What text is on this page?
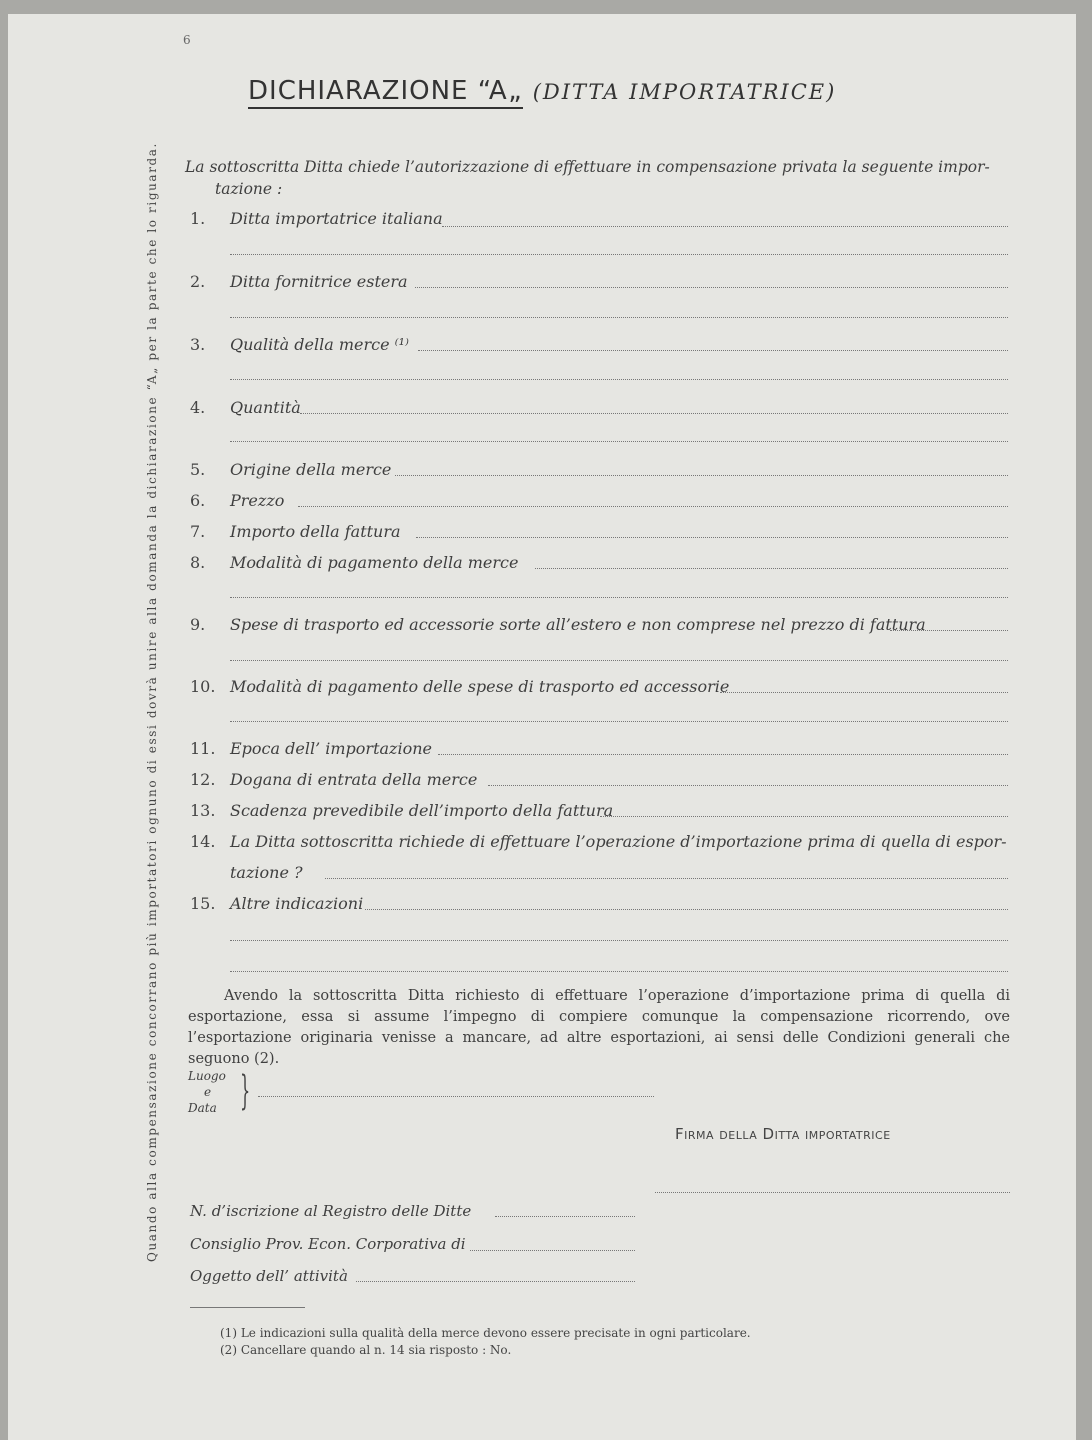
6
DICHIARAZIONE “A„ (DITTA IMPORTATRICE)
Quando alla compensazione concorrano più importatori ognuno di essi dovrà unire alla domanda la dichiarazione “A„ per la parte che lo riguarda. La sottoscritta Ditta chiede l’autorizzazione di effettuare in compensazione privata la seguente impor-
tazione :
1. Ditta importatrice italiana
2. Ditta fornitrice estera
3. Qualità della merce ⁽¹⁾
4. Quantità
5. Origine della merce
6. Prezzo
7. Importo della fattura
8. Modalità di pagamento della merce
9. Spese di trasporto ed accessorie sorte all’estero e non comprese nel prezzo di fattura
10. Modalità di pagamento delle spese di trasporto ed accessorie
11. Epoca dell’ importazione
12. Dogana di entrata della merce
13. Scadenza prevedibile dell’importo della fattura
14. La Ditta sottoscritta richiede di effettuare l’operazione d’importazione prima di quella di espor-
tazione ?
15. Altre indicazioni
Avendo la sottoscritta Ditta richiesto di effettuare l’operazione d’importazione prima di quella di esportazione, essa si assume l’impegno di compiere comunque la compensazione ricorrendo, ove l’esportazione originaria venisse a mancare, ad altre esportazioni, ai sensi delle Condizioni generali che seguono (2).
Luogo
e
Data }
Firma della Ditta importatrice
N. d’iscrizione al Registro delle Ditte
Consiglio Prov. Econ. Corporativa di
Oggetto dell’ attività
(1) Le indicazioni sulla qualità della merce devono essere precisate in ogni particolare.
(2) Cancellare quando al n. 14 sia risposto : No.
